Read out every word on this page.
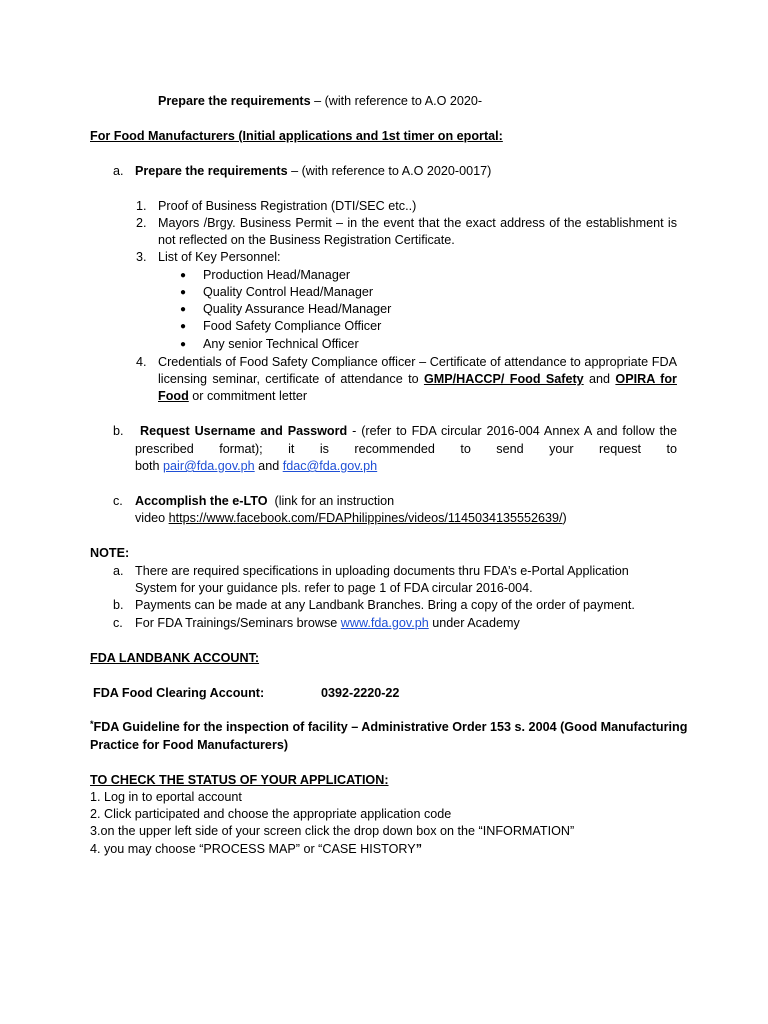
Prepare the requirements – (with reference to A.O 2020-
For Food Manufacturers (Initial applications and 1st timer on eportal:
a. Prepare the requirements – (with reference to A.O 2020-0017)
1. Proof of Business Registration (DTI/SEC etc..)
2. Mayors /Brgy. Business Permit – in the event that the exact address of the establishment is
not reflected on the Business Registration Certificate.
3. List of Key Personnel:
● Production Head/Manager
● Quality Control Head/Manager
● Quality Assurance Head/Manager
● Food Safety Compliance Officer
● Any senior Technical Officer
4. Credentials of Food Safety Compliance officer – Certificate of attendance to appropriate FDA
licensing seminar, certificate of attendance to GMP/HACCP/ Food Safety and OPIRA for
Food or commitment letter
b.	Request Username and Password - (refer to FDA circular 2016-004 Annex A and follow the
prescribed format); it is recommended to send your request to
both pair@fda.gov.ph and fdac@fda.gov.ph
c. Accomplish the e-LTO  (link for an instruction
video https://www.facebook.com/FDAPhilippines/videos/1145034135552639/)
NOTE:
a. There are required specifications in uploading documents thru FDA’s e-Portal Application
System for your guidance pls. refer to page 1 of FDA circular 2016-004.
b. Payments can be made at any Landbank Branches. Bring a copy of the order of payment.
c. For FDA Trainings/Seminars browse www.fda.gov.ph under Academy
FDA LANDBANK ACCOUNT:
FDA Food Clearing Account:	0392-2220-22
*FDA Guideline for the inspection of facility – Administrative Order 153 s. 2004 (Good Manufacturing
Practice for Food Manufacturers)
TO CHECK THE STATUS OF YOUR APPLICATION:
1. Log in to eportal account
2. Click participated and choose the appropriate application code
3.on the upper left side of your screen click the drop down box on the “INFORMATION”
4. you may choose “PROCESS MAP” or “CASE HISTORY”
